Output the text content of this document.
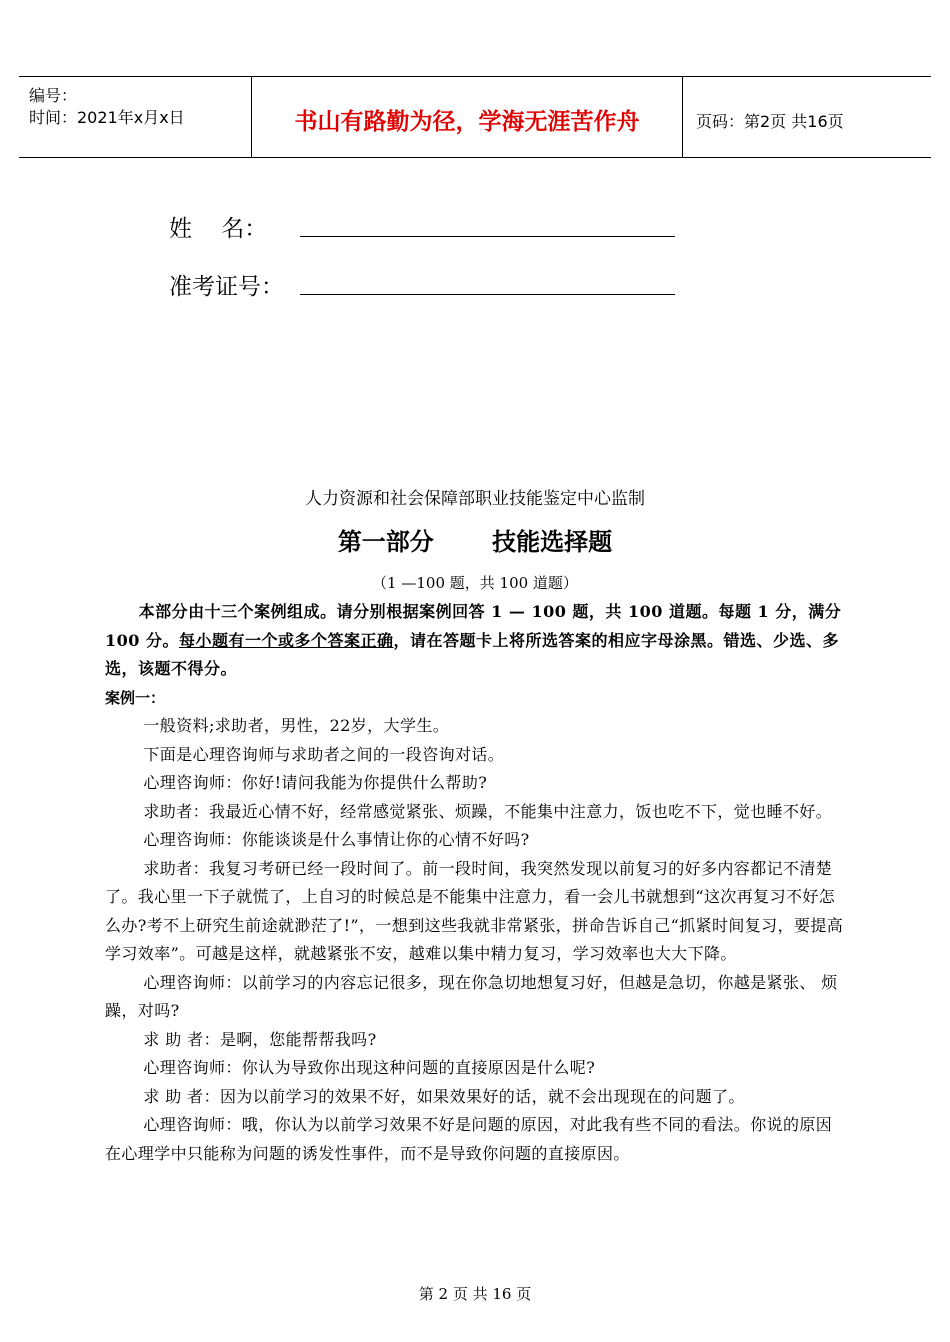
编号：
时间：2021年x月x日	书山有路勤为径，学海无涯苦作舟	页码：第2页 共16页
姓    名：
准考证号：
人力资源和社会保障部职业技能鉴定中心监制
第一部分 技能选择题
（1 —100 题，共 100 道题）

本部分由十三个案例组成。请分别根据案例回答 1 — 100 题，共 100 道题。每题 1 分，满分 100 分。每小题有一个或多个答案正确，请在答题卡上将所选答案的相应字母涂黑。错选、少选、多选，该题不得分。

案例一：

一般资料;求助者，男性，22岁，大学生。

下面是心理咨询师与求助者之间的一段咨询对话。

心理咨询师：你好!请问我能为你提供什么帮助?

求助者：我最近心情不好，经常感觉紧张、烦躁，不能集中注意力，饭也吃不下，觉也睡不好。

心理咨询师：你能谈谈是什么事情让你的心情不好吗?

求助者：我复习考研已经一段时间了。前一段时间，我突然发现以前复习的好多内容都记不清楚了。我心里一下子就慌了，上自习的时候总是不能集中注意力，看一会儿书就想到“这次再复习不好怎么办?考不上研究生前途就渺茫了!”，一想到这些我就非常紧张，拼命告诉自己“抓紧时间复习，要提高学习效率”。可越是这样，就越紧张不安，越难以集中精力复习，学习效率也大大下降。

心理咨询师：以前学习的内容忘记很多，现在你急切地想复习好，但越是急切，你越是紧张、 烦躁，对吗?

求 助 者：是啊，您能帮帮我吗?

心理咨询师：你认为导致你出现这种问题的直接原因是什么呢?

求 助 者：因为以前学习的效果不好，如果效果好的话，就不会出现现在的问题了。

心理咨询师：哦，你认为以前学习效果不好是问题的原因，对此我有些不同的看法。你说的原因在心理学中只能称为问题的诱发性事件，而不是导致你问题的直接原因。

第 2 页 共 16 页
